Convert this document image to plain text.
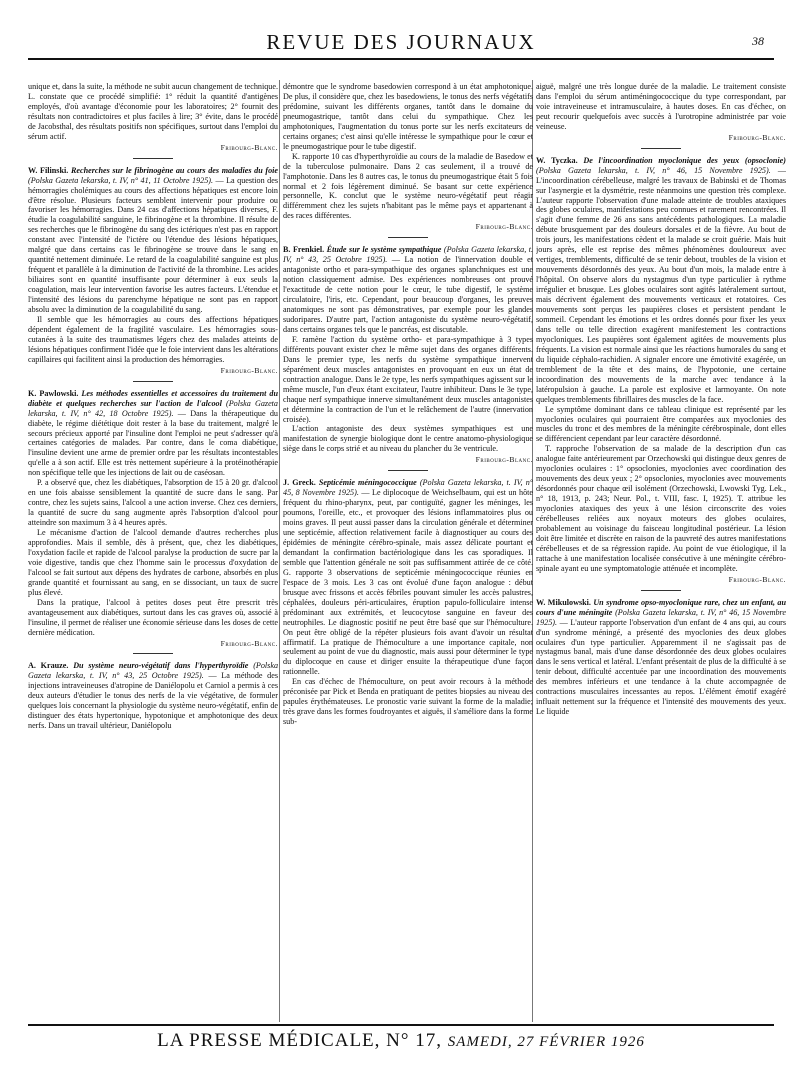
REVUE DES JOURNAUX	38

unique et, dans la suite, la méthode ne subit aucun changement de technique. L. constate que ce procédé simplifié: 1° réduit la quantité d'antigènes employés, d'où avantage d'économie pour les laboratoires; 2° fournit des résultats non contradictoires et plus faciles à lire; 3° évite, dans le procédé de Jacobsthal, des résultats positifs non spécifiques, surtout dans l'emploi du sérum actif.

Fribourg-Blanc.

W. Filinski. Recherches sur le fibrinogène au cours des maladies du foie (Polska Gazeta lekarska, t. IV, n° 41, 11 Octobre 1925). — La question des hémorragies cholémiques au cours des affections hépatiques est encore loin d'être résolue. Plusieurs facteurs semblent intervenir pour produire ou favoriser les hémorragies. Dans 24 cas d'affections hépatiques diverses, F. étudie la coagulabilité sanguine, le fibrinogène et la thrombine. Il résulte de ses recherches que le fibrinogène du sang des ictériques n'est pas en rapport constant avec l'intensité de l'ictère ou l'étendue des lésions hépatiques, malgré que dans certains cas le fibrinogène se trouve dans le sang en quantité nettement diminuée. Le retard de la coagulabilité sanguine est plus fréquent et parallèle à la diminution de l'activité de la thrombine. Les acides biliaires sont en quantité insuffisante pour déterminer à eux seuls la coagulation, mais leur intervention favorise les autres facteurs. L'étendue et l'intensité des lésions du parenchyme hépatique ne sont pas en rapport absolu avec la diminution de la coagulabilité du sang.

Il semble que les hémorragies au cours des affections hépatiques dépendent également de la fragilité vasculaire. Les hémorragies sous-cutanées à la suite des traumatismes légers chez des malades atteints de lésions hépatiques confirment l'idée que le foie intervient dans les altérations capillaires qui facilitent ainsi la production des hémorragies.

Fribourg-Blanc.

K. Pawlowski. Les méthodes essentielles et accessoires du traitement du diabète et quelques recherches sur l'action de l'alcool (Polska Gazeta lekarska, t. IV, n° 42, 18 Octobre 1925). — Dans la thérapeutique du diabète, le régime diététique doit rester à la base du traitement, malgré le secours précieux apporté par l'insuline dont l'emploi ne peut s'adresser qu'à certaines catégories de malades. Par contre, dans le coma diabétique, l'insuline devient une arme de premier ordre par les résultats incontestables qu'elle a à son actif. Elle est très nettement supérieure à la protéinothérapie non spécifique telle que les injections de lait ou de caséosan.

P. a observé que, chez les diabétiques, l'absorption de 15 à 20 gr. d'alcool en une fois abaisse sensiblement la quantité de sucre dans le sang. Par contre, chez les sujets sains, l'alcool a une action inverse. Chez ces derniers, la quantité de sucre du sang augmente après l'absorption d'alcool pour atteindre son maximum 3 à 4 heures après.

Le mécanisme d'action de l'alcool demande d'autres recherches plus approfondies. Mais il semble, dès à présent, que, chez les diabétiques, l'oxydation facile et rapide de l'alcool paralyse la production de sucre par la voie digestive, tandis que chez l'homme sain le processus d'oxydation de l'alcool se fait surtout aux dépens des hydrates de carbone, absorbés en plus grande quantité et fournissant au sang, en se dissociant, un taux de sucre plus élevé.

Dans la pratique, l'alcool à petites doses peut être prescrit très avantageusement aux diabétiques, surtout dans les cas graves où, associé à l'insuline, il permet de réaliser une économie sérieuse dans les doses de cette dernière médication.

Fribourg-Blanc.

A. Krauze. Du système neuro-végétatif dans l'hyperthyroïdie (Polska Gazeta lekarska, t. IV, n° 43, 25 Octobre 1925). — La méthode des injections intraveineuses d'atropine de Daniélopolu et Carniol a permis à ces deux auteurs d'étudier le tonus des nerfs de la vie végétative, de formuler quelques lois concernant la physiologie du système neuro-végétatif, enfin de distinguer des états hypertonique, hypotonique et amphotonique des deux nerfs. Dans un travail ultérieur, Daniélopolu

démontre que le syndrome basedowien correspond à un état amphotonique. De plus, il considère que, chez les basedowiens, le tonus des nerfs végétatifs prédomine, suivant les différents organes, tantôt dans le domaine du pneumogastrique, tantôt dans celui du sympathique. Chez les amphotoniques, l'augmentation du tonus porte sur les nerfs excitateurs de certains organes; c'est ainsi qu'elle intéresse le sympathique pour le cœur et le pneumogastrique pour le tube digestif.

K. rapporte 10 cas d'hyperthyroïdie au cours de la maladie de Basedow et de la tuberculose pulmonaire. Dans 2 cas seulement, il a trouvé de l'amphotonie. Dans les 8 autres cas, le tonus du pneumogastrique était 5 fois normal et 2 fois légèrement diminué. Se basant sur cette expérience personnelle, K. conclut que le système neuro-végétatif peut réagir différemment chez les sujets n'habitant pas le même pays et appartenant à des races différentes.

Fribourg-Blanc.

B. Frenkiel. Étude sur le système sympathique (Polska Gazeta lekarska, t. IV, n° 43, 25 Octobre 1925). — La notion de l'innervation double et antagoniste ortho et para-sympathique des organes splanchniques est une notion classiquement admise. Des expériences nombreuses ont prouvé l'exactitude de cette notion pour le cœur, le tube digestif, le système circulatoire, l'iris, etc. Cependant, pour beaucoup d'organes, les preuves anatomiques ne sont pas démonstratives, par exemple pour les glandes sudoripares. D'autre part, l'action antagoniste du système neuro-végétatif, dans certains organes tels que le pancréas, est discutable.

F. ramène l'action du système ortho- et para-sympathique à 3 types différents pouvant exister chez le même sujet dans des organes différents. Dans le premier type, les nerfs du système sympathique innervent séparément deux muscles antagonistes en provoquant en eux un état de contraction analogue. Dans le 2e type, les nerfs sympathiques agissent sur le même muscle, l'un d'eux étant excitateur, l'autre inhibiteur. Dans le 3e type, chaque nerf sympathique innerve simultanément deux muscles antagonistes et détermine la contraction de l'un et le relâchement de l'autre (innervation croisée).

L'action antagoniste des deux systèmes sympathiques est une manifestation de synergie biologique dont le centre anatomo-physiologique siège dans le corps strié et au niveau du plancher du 3e ventricule.

Fribourg-Blanc.

J. Greck. Septicémie méningococcique (Polska Gazeta lekarska, t. IV, n° 45, 8 Novembre 1925). — Le diplocoque de Weichselbaum, qui est un hôte fréquent du rhino-pharynx, peut, par contiguïté, gagner les méninges, les poumons, l'oreille, etc., et provoquer des lésions inflammatoires plus ou moins graves. Il peut aussi passer dans la circulation générale et déterminer une septicémie, affection relativement facile à diagnostiquer au cours des épidémies de méningite cérébro-spinale, mais assez délicate pourtant et demandant la confirmation bactériologique dans les cas sporadiques. Il semble que l'attention générale ne soit pas suffisamment attirée de ce côté. G. rapporte 3 observations de septicémie méningococcique réunies en l'espace de 3 mois. Les 3 cas ont évolué d'une façon analogue : début brusque avec frissons et accès fébriles pouvant simuler les accès palustres, céphalées, douleurs péri-articulaires, éruption papulo-folliculaire intense prédominant aux extrémités, et leucocytose sanguine en faveur des neutrophiles. Le diagnostic positif ne peut être basé que sur l'hémoculture. On peut être obligé de la répéter plusieurs fois avant d'avoir un résultat affirmatif. La pratique de l'hémoculture a une importance capitale, non seulement au point de vue du diagnostic, mais aussi pour déterminer le type du diplocoque en cause et diriger ensuite la thérapeutique d'une façon rationnelle.

En cas d'échec de l'hémoculture, on peut avoir recours à la méthode préconisée par Pick et Benda en pratiquant de petites biopsies au niveau des papules érythémateuses. Le pronostic varie suivant la forme de la maladie; très grave dans les formes foudroyantes et aiguës, il s'améliore dans la forme sub-

aiguë, malgré une très longue durée de la maladie. Le traitement consiste dans l'emploi du sérum antiméningococcique du type correspondant, par voie intraveineuse et intramusculaire, à hautes doses. En cas d'échec, on peut recourir quelquefois avec succès à l'urotropine administrée par voie veineuse.

Fribourg-Blanc.

W. Tyczka. De l'incoordination myoclonique des yeux (opsoclonie) (Polska Gazeta lekarska, t. IV, n° 46, 15 Novembre 1925). — L'incoordination cérébelleuse, malgré les travaux de Babinski et de Thomas sur l'asynergie et la dysmétrie, reste néanmoins une question très complexe. L'auteur rapporte l'observation d'une malade atteinte de troubles ataxiques des globes oculaires, manifestations peu connues et rarement rencontrées. Il s'agit d'une femme de 26 ans sans antécédents pathologiques. La maladie débute brusquement par des douleurs dorsales et de la fièvre. Au bout de trois jours, les manifestations cèdent et la malade se croit guérie. Mais huit jours après, elle est reprise des mêmes phénomènes douloureux avec vertiges, tremblements, difficulté de se tenir debout, troubles de la vision et mouvements désordonnés des yeux. Au bout d'un mois, la malade entre à l'hôpital. On observe alors du nystagmus d'un type particulier à rythme irrégulier et brusque. Les globes oculaires sont agités latéralement surtout, mais décrivent également des mouvements verticaux et rotatoires. Ces mouvements sont perçus les paupières closes et persistent pendant le sommeil. Cependant les émotions et les ordres donnés pour fixer les yeux dans telle ou telle direction exagèrent manifestement les contractions myocloniques. Les paupières sont également agitées de mouvements plus fréquents. La vision est normale ainsi que les réactions humorales du sang et du liquide céphalo-rachidien. A signaler encore une émotivité exagérée, un tremblement de la tête et des mains, de l'hypotonie, une certaine incoordination des mouvements de la marche avec tendance à la latéropulsion à gauche. La parole est explosive et larmoyante. On note quelques tremblements fibrillaires des muscles de la face.

Le symptôme dominant dans ce tableau clinique est représenté par les myoclonies oculaires qui pourraient être comparées aux myoclonies des muscles du tronc et des membres de la méningite cérébrospinale, dont elles se différencient cependant par leur caractère désordonné.

T. rapproche l'observation de sa malade de la description d'un cas analogue faite antérieurement par Orzechowski qui distingue deux genres de myoclonies oculaires : 1° opsoclonies, myoclonies avec coordination des mouvements des deux yeux ; 2° opsoclonies, myoclonies avec mouvements désordonnés pour chaque œil isolément (Orzechowski, Lwowski Tyg. Lek., n° 18, 1913, p. 243; Neur. Pol., t. VIII, fasc. I, 1925). T. attribue les myoclonies ataxiques des yeux à une lésion circonscrite des voies cérébelleuses reliées aux noyaux moteurs des globes oculaires, probablement au voisinage du faisceau longitudinal postérieur. La lésion doit être limitée et discrète en raison de la pauvreté des autres manifestations cérébelleuses et de sa régression rapide. Au point de vue étiologique, il la rattache à une manifestation localisée consécutive à une méningite cérébro-spinale ayant eu une symptomatologie atténuée et incomplète.

Fribourg-Blanc.

W. Mikulowski. Un syndrome opso-myoclonique rare, chez un enfant, au cours d'une méningite (Polska Gazeta lekarska, t. IV, n° 46, 15 Novembre 1925). — L'auteur rapporte l'observation d'un enfant de 4 ans qui, au cours d'un syndrome méningé, a présenté des myoclonies des deux globes oculaires d'un type particulier. Apparemment il ne s'agissait pas de nystagmus banal, mais d'une danse désordonnée des deux globes oculaires dans le sens vertical et latéral. L'enfant présentait de plus de la difficulté à se tenir debout, difficulté accentuée par une incoordination des mouvements des membres inférieurs et une tendance à la chute accompagnée de contractions musculaires incessantes au repos. L'élément émotif exagéré influait nettement sur la fréquence et l'intensité des mouvements des yeux. Le liquide

LA PRESSE MÉDICALE, N° 17, SAMEDI, 27 FÉVRIER 1926
